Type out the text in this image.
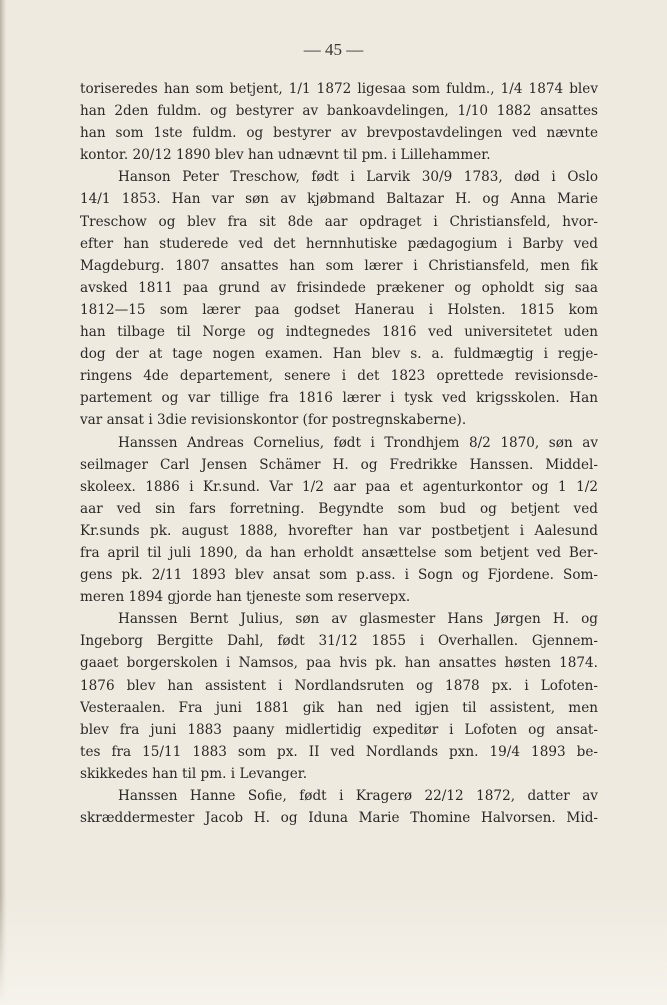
— 45 —
toriseredes han som betjent, 1/1 1872 ligesaa som fuldm., 1/4 1874 blev
han 2den fuldm. og bestyrer av bankoavdelingen, 1/10 1882 ansattes
han som 1ste fuldm. og bestyrer av brevpostavdelingen ved nævnte
kontor. 20/12 1890 blev han udnævnt til pm. i Lillehammer.
Hanson Peter Treschow, født i Larvik 30/9 1783, død i Oslo
14/1 1853. Han var søn av kjøbmand Baltazar H. og Anna Marie
Treschow og blev fra sit 8de aar opdraget i Christiansfeld, hvor-
efter han studerede ved det hernnhutiske pædagogium i Barby ved
Magdeburg. 1807 ansattes han som lærer i Christiansfeld, men fik
avsked 1811 paa grund av frisindede prækener og opholdt sig saa
1812—15 som lærer paa godset Hanerau i Holsten. 1815 kom
han tilbage til Norge og indtegnedes 1816 ved universitetet uden
dog der at tage nogen examen. Han blev s. a. fuldmægtig i regje-
ringens 4de departement, senere i det 1823 oprettede revisionsde-
partement og var tillige fra 1816 lærer i tysk ved krigsskolen. Han
var ansat i 3die revisionskontor (for postregnskaberne).
Hanssen Andreas Cornelius, født i Trondhjem 8/2 1870, søn av
seilmager Carl Jensen Schämer H. og Fredrikke Hanssen. Middel-
skoleex. 1886 i Kr.sund. Var 1/2 aar paa et agenturkontor og 1 1/2
aar ved sin fars forretning. Begyndte som bud og betjent ved
Kr.sunds pk. august 1888, hvorefter han var postbetjent i Aalesund
fra april til juli 1890, da han erholdt ansættelse som betjent ved Ber-
gens pk. 2/11 1893 blev ansat som p.ass. i Sogn og Fjordene. Som-
meren 1894 gjorde han tjeneste som reservepx.
Hanssen Bernt Julius, søn av glasmester Hans Jørgen H. og
Ingeborg Bergitte Dahl, født 31/12 1855 i Overhallen. Gjennem-
gaaet borgerskolen i Namsos, paa hvis pk. han ansattes høsten 1874.
1876 blev han assistent i Nordlandsruten og 1878 px. i Lofoten-
Vesteraalen. Fra juni 1881 gik han ned igjen til assistent, men
blev fra juni 1883 paany midlertidig expeditør i Lofoten og ansat-
tes fra 15/11 1883 som px. II ved Nordlands pxn. 19/4 1893 be-
skikkedes han til pm. i Levanger.
Hanssen Hanne Sofie, født i Kragerø 22/12 1872, datter av
skræddermester Jacob H. og Iduna Marie Thomine Halvorsen. Mid-
